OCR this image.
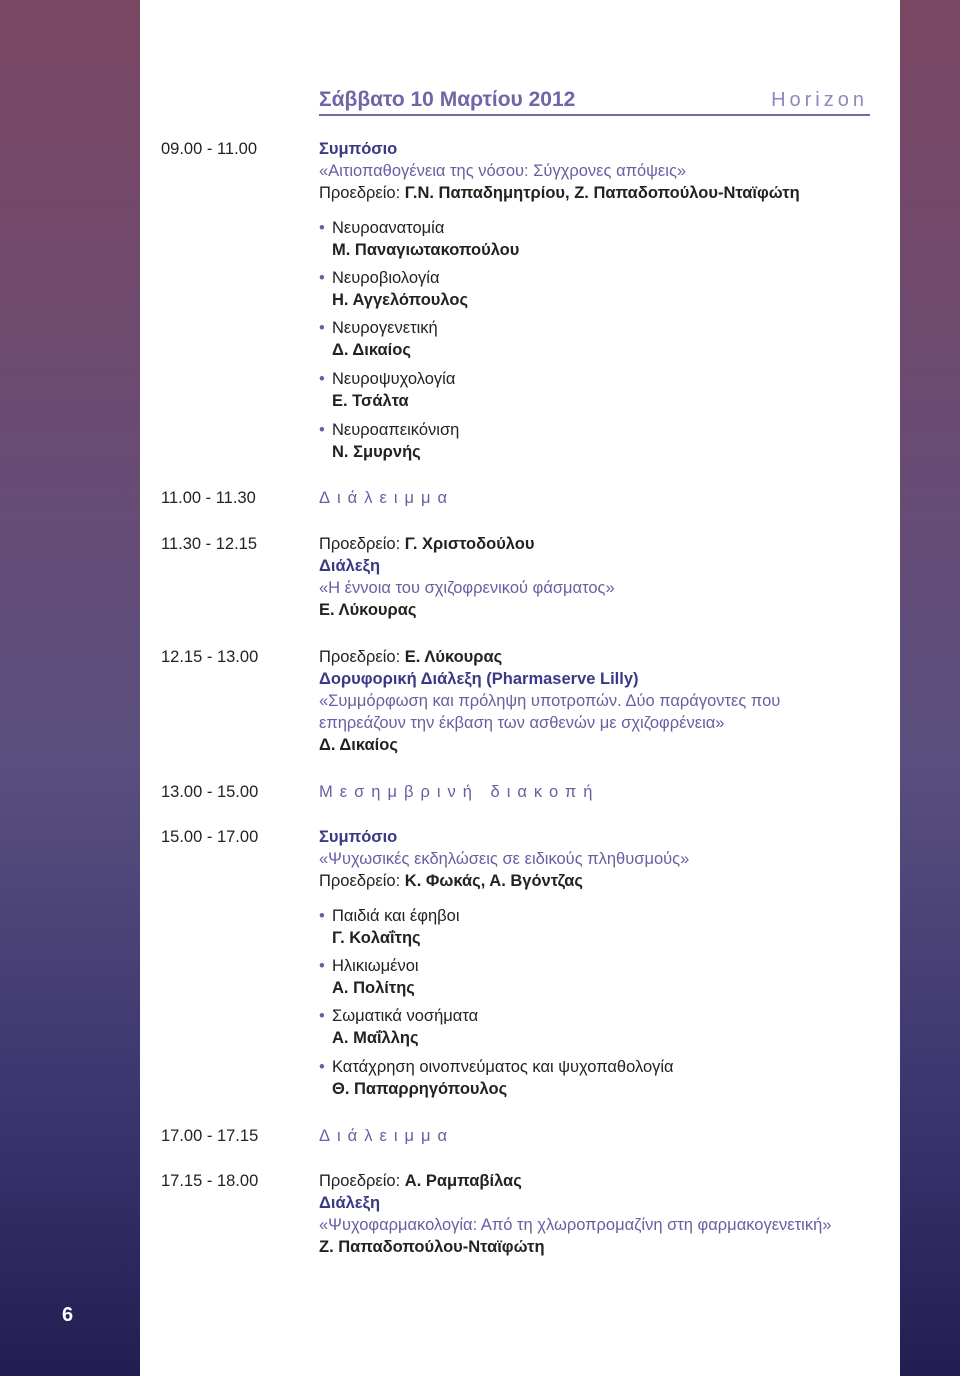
Σάββατο 10 Μαρτίου 2012	Horizon
09.00 - 11.00	Συμπόσιο
«Αιτιοπαθογένεια της νόσου: Σύγχρονες απόψεις»
Προεδρείο: Γ.Ν. Παπαδημητρίου, Ζ. Παπαδοπούλου-Νταϊφώτη
• Νευροανατομία
Μ. Παναγιωτακοπούλου
• Νευροβιολογία
Η. Αγγελόπουλος
• Νευρογενετική
Δ. Δικαίος
• Νευροψυχολογία
Ε. Τσάλτα
• Νευροαπεικόνιση
Ν. Σμυρνής
11.00 - 11.30	Διάλειμμα
11.30 - 12.15	Προεδρείο: Γ. Χριστοδούλου
Διάλεξη
«Η έννοια του σχιζοφρενικού φάσματος»
Ε. Λύκουρας
12.15 - 13.00	Προεδρείο: Ε. Λύκουρας
Δορυφορική Διάλεξη (Pharmaserve Lilly)
«Συμμόρφωση και πρόληψη υποτροπών. Δύο παράγοντες που
επηρεάζουν την έκβαση των ασθενών με σχιζοφρένεια»
Δ. Δικαίος
13.00 - 15.00	Μεσημβρινή διακοπή
15.00 - 17.00	Συμπόσιο
«Ψυχωσικές εκδηλώσεις σε ειδικούς πληθυσμούς»
Προεδρείο: Κ. Φωκάς, Α. Βγόντζας
• Παιδιά και έφηβοι
Γ. Κολαΐτης
• Ηλικιωμένοι
Α. Πολίτης
• Σωματικά νοσήματα
Α. Μαΐλλης
• Κατάχρηση οινοπνεύματος και ψυχοπαθολογία
Θ. Παπαρρηγόπουλος
17.00 - 17.15	Διάλειμμα
17.15 - 18.00	Προεδρείο: Α. Ραμπαβίλας
Διάλεξη
«Ψυχοφαρμακολογία: Από τη χλωροπρομαζίνη στη φαρμακογενετική»
Ζ. Παπαδοπούλου-Νταϊφώτη
6
